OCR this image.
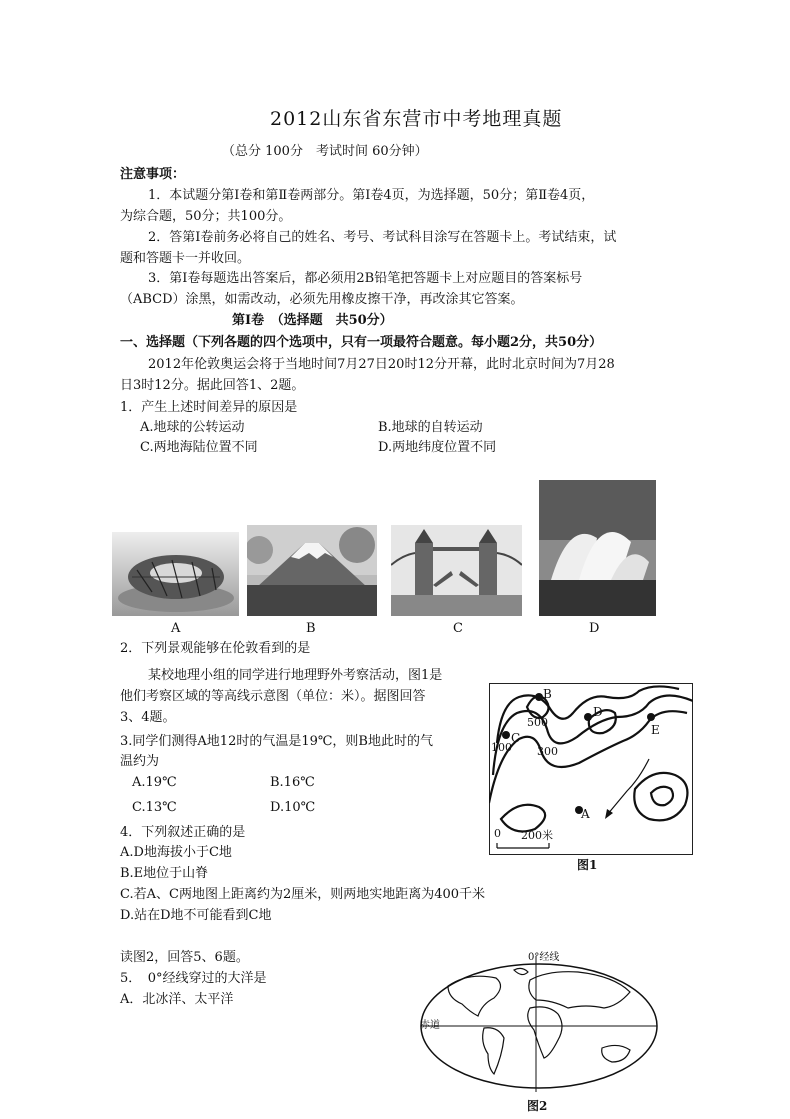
2012山东省东营市中考地理真题
（总分 100分　考试时间 60分钟）
注意事项：
1．本试题分第Ⅰ卷和第Ⅱ卷两部分。第Ⅰ卷4页，为选择题，50分；第Ⅱ卷4页，
为综合题，50分；共100分。
2．答第Ⅰ卷前务必将自己的姓名、考号、考试科目涂写在答题卡上。考试结束，试
题和答题卡一并收回。
3．第Ⅰ卷每题选出答案后，都必须用2B铅笔把答题卡上对应题目的答案标号
（ABCD）涂黑，如需改动，必须先用橡皮擦干净，再改涂其它答案。
第Ⅰ卷　（选择题　共50分）
一、选择题（下列各题的四个选项中，只有一项最符合题意。每小题2分，共50分）
2012年伦敦奥运会将于当地时间7月27日20时12分开幕，此时北京时间为7月28
日3时12分。据此回答1、2题。
1．产生上述时间差异的原因是
A.地球的公转运动	B.地球的自转运动
C.两地海陆位置不同	D.两地纬度位置不同
A	B	C	D
2．下列景观能够在伦敦看到的是
某校地理小组的同学进行地理野外考察活动，图1是
他们考察区域的等高线示意图（单位：米）。据图回答
3、4题。
3.同学们测得A地12时的气温是19℃，则B地此时的气
温约为
A.19℃	B.16℃
C.13℃	D.10℃
4．下列叙述正确的是
A.D地海拔小于C地
B.E地位于山脊
C.若A、C两地图上距离约为2厘米，则两地实地距离为400千米
D.站在D地不可能看到C地
B
D
E
C
A
500
300
100
0 200米
图1
读图2，回答5、6题。
5．　0°经线穿过的大洋是
A．北冰洋、太平洋
0°经线
赤道
图2
